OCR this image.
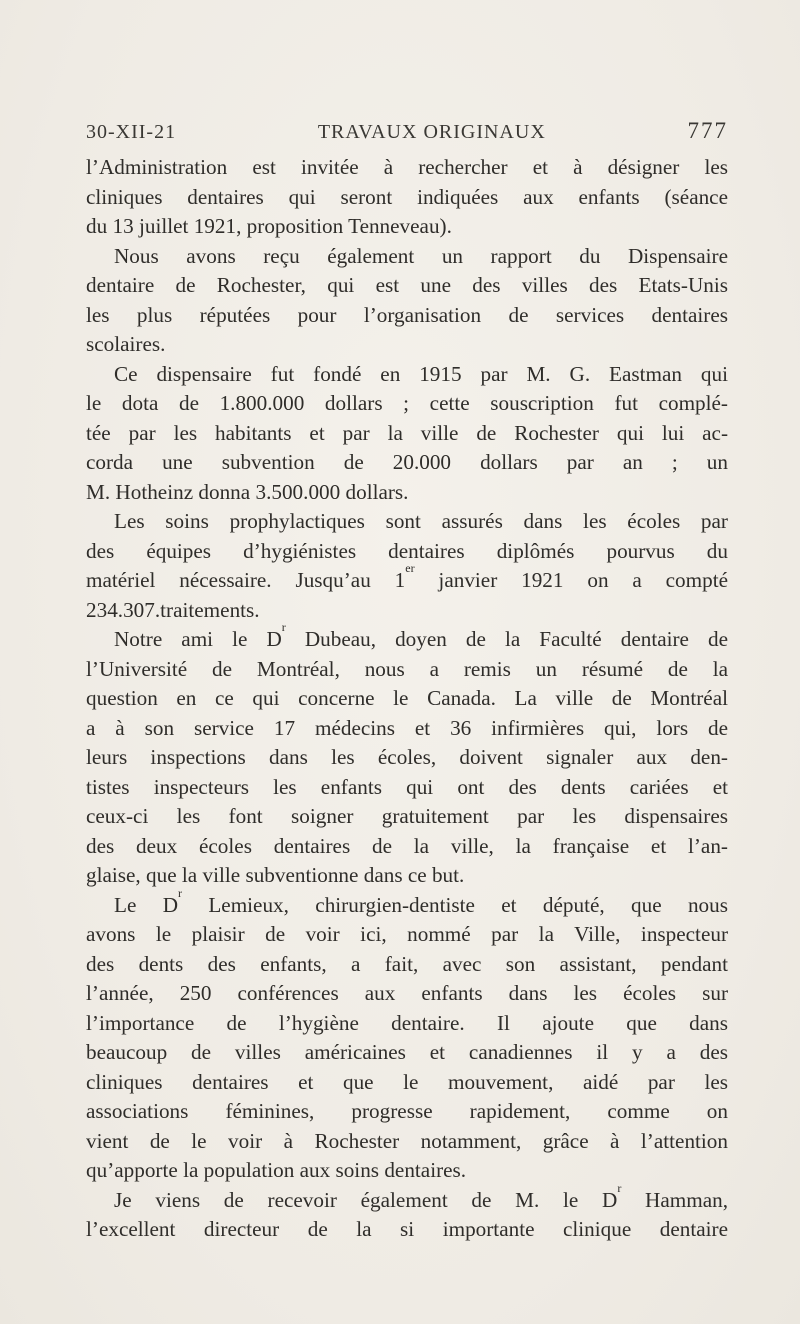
30-XII-21	TRAVAUX ORIGINAUX	777
l’Administration est invitée à rechercher et à désigner les
cliniques dentaires qui seront indiquées aux enfants (séance
du 13 juillet 1921, proposition Tenneveau).
Nous avons reçu également un rapport du Dispensaire
dentaire de Rochester, qui est une des villes des Etats-Unis
les plus réputées pour l’organisation de services dentaires
scolaires.
Ce dispensaire fut fondé en 1915 par M. G. Eastman qui
le dota de 1.800.000 dollars ; cette souscription fut complé-
tée par les habitants et par la ville de Rochester qui lui ac-
corda une subvention de 20.000 dollars par an ; un
M. Hotheinz donna 3.500.000 dollars.
Les soins prophylactiques sont assurés dans les écoles par
des équipes d’hygiénistes dentaires diplômés pourvus du
matériel nécessaire. Jusqu’au 1er janvier 1921 on a compté
234.307.traitements.
Notre ami le $D^r$ Dubeau, doyen de la Faculté dentaire de
l’Université de Montréal, nous a remis un résumé de la
question en ce qui concerne le Canada. La ville de Montréal
a à son service 17 médecins et 36 infirmières qui, lors de
leurs inspections dans les écoles, doivent signaler aux den-
tistes inspecteurs les enfants qui ont des dents cariées et
ceux-ci les font soigner gratuitement par les dispensaires
des deux écoles dentaires de la ville, la française et l’an-
glaise, que la ville subventionne dans ce but.
Le $D^r$ Lemieux, chirurgien-dentiste et député, que nous
avons le plaisir de voir ici, nommé par la Ville, inspecteur
des dents des enfants, a fait, avec son assistant, pendant
l’année, 250 conférences aux enfants dans les écoles sur
l’importance de l’hygiène dentaire. Il ajoute que dans
beaucoup de villes américaines et canadiennes il y a des
cliniques dentaires et que le mouvement, aidé par les
associations féminines, progresse rapidement, comme on
vient de le voir à Rochester notamment, grâce à l’attention
qu’apporte la population aux soins dentaires.
Je viens de recevoir également de M. le $D^r$ Hamman,
l’excellent directeur de la si importante clinique dentaire
